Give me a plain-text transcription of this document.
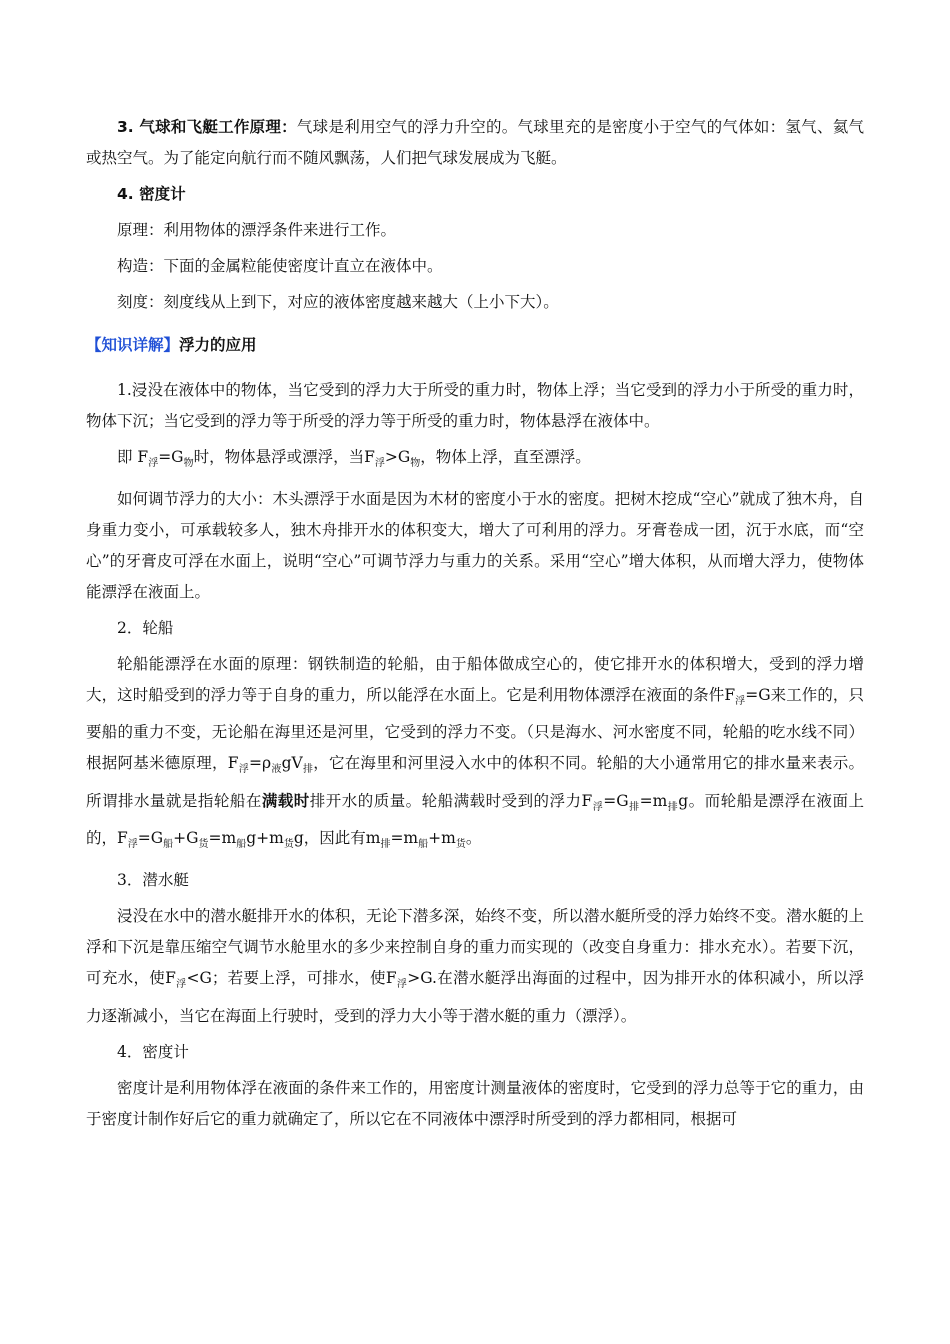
3. 气球和飞艇工作原理：气球是利用空气的浮力升空的。气球里充的是密度小于空气的气体如：氢气、氦气或热空气。为了能定向航行而不随风飘荡，人们把气球发展成为飞艇。

4. 密度计

原理：利用物体的漂浮条件来进行工作。

构造：下面的金属粒能使密度计直立在液体中。

刻度：刻度线从上到下，对应的液体密度越来越大（上小下大）。

【知识详解】浮力的应用

1.浸没在液体中的物体，当它受到的浮力大于所受的重力时，物体上浮；当它受到的浮力小于所受的重力时，物体下沉；当它受到的浮力等于所受的浮力等于所受的重力时，物体悬浮在液体中。

即 $F_浮=G_物$时，物体悬浮或漂浮，当$F_浮>G_物$，物体上浮，直至漂浮。

如何调节浮力的大小：木头漂浮于水面是因为木材的密度小于水的密度。把树木挖成“空心”就成了独木舟，自身重力变小，可承载较多人，独木舟排开水的体积变大，增大了可利用的浮力。牙膏卷成一团，沉于水底，而“空心”的牙膏皮可浮在水面上，说明“空心”可调节浮力与重力的关系。采用“空心”增大体积，从而增大浮力，使物体能漂浮在液面上。

2．轮船

轮船能漂浮在水面的原理：钢铁制造的轮船，由于船体做成空心的，使它排开水的体积增大，受到的浮力增大，这时船受到的浮力等于自身的重力，所以能浮在水面上。它是利用物体漂浮在液面的条件$F_浮=G$来工作的，只要船的重力不变，无论船在海里还是河里，它受到的浮力不变。（只是海水、河水密度不同，轮船的吃水线不同）根据阿基米德原理，$F_浮=\rho_液gV_排$，它在海里和河里浸入水中的体积不同。轮船的大小通常用它的排水量来表示。所谓排水量就是指轮船在满载时排开水的质量。轮船满载时受到的浮力$F_浮=G_排=m_排g$。而轮船是漂浮在液面上的，$F_浮=G_船+G_货=m_船g+m_货g$，因此有$m_排=m_船+m_货$。

3．潜水艇

浸没在水中的潜水艇排开水的体积，无论下潜多深，始终不变，所以潜水艇所受的浮力始终不变。潜水艇的上浮和下沉是靠压缩空气调节水舱里水的多少来控制自身的重力而实现的（改变自身重力：排水充水）。若要下沉，可充水，使$F_浮<G$；若要上浮，可排水，使$F_浮>G$.在潜水艇浮出海面的过程中，因为排开水的体积减小，所以浮力逐渐减小，当它在海面上行驶时，受到的浮力大小等于潜水艇的重力（漂浮）。

4．密度计

密度计是利用物体浮在液面的条件来工作的，用密度计测量液体的密度时，它受到的浮力总等于它的重力，由于密度计制作好后它的重力就确定了，所以它在不同液体中漂浮时所受到的浮力都相同，根据可
